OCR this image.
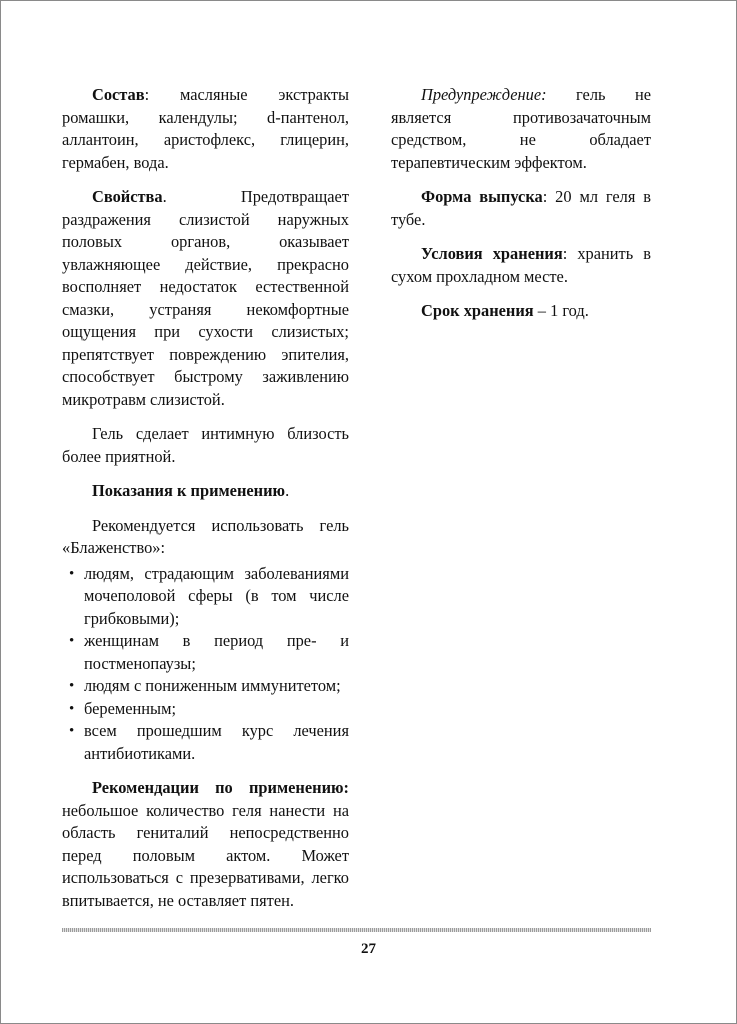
Состав: масляные экстракты ромашки, календулы; d-пантенол, аллантоин, аристофлекс, глицерин, гермабен, вода.

Свойства. Предотвращает раздражения слизистой наружных половых органов, оказывает увлажняющее действие, прекрасно восполняет недостаток естественной смазки, устраняя некомфортные ощущения при сухости слизистых; препятствует повреждению эпителия, способствует быстрому заживлению микротравм слизистой.

Гель сделает интимную близость более приятной.

Показания к применению.

Рекомендуется использовать гель «Блаженство»:

• людям, страдающим заболеваниями мочеполовой сферы (в том числе грибковыми);
• женщинам в период пре- и постменопаузы;
• людям с пониженным иммунитетом;
• беременным;
• всем прошедшим курс лечения антибиотиками.

Рекомендации по применению: небольшое количество геля нанести на область гениталий непосредственно перед половым актом. Может использоваться с презервативами, легко впитывается, не оставляет пятен.

Предупреждение: гель не является противозачаточным средством, не обладает терапевтическим эффектом.

Форма выпуска: 20 мл геля в тубе.

Условия хранения: хранить в сухом прохладном месте.

Срок хранения – 1 год.

27
